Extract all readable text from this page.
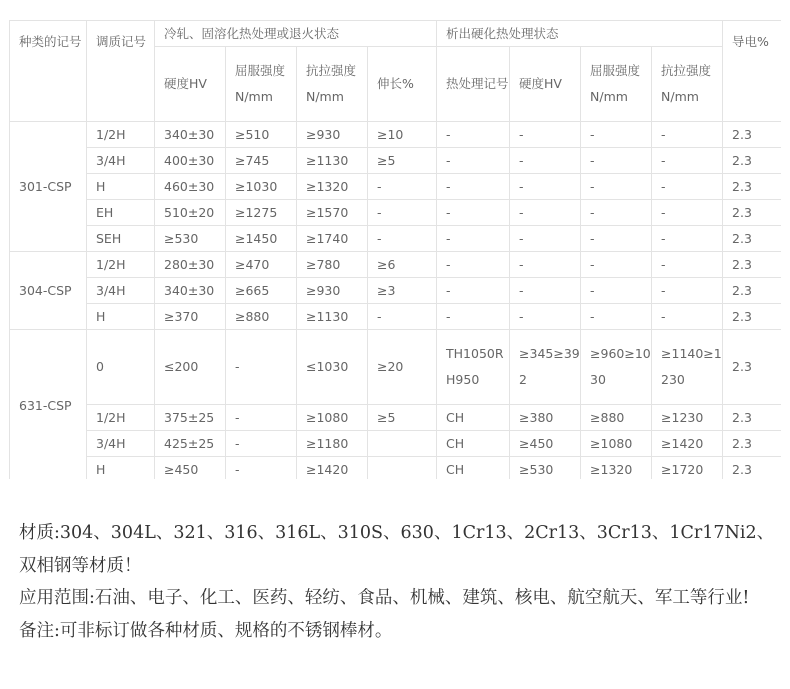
种类的记号	调质记号	冷轧、固溶化热处理或退火状态				析出硬化热处理状态				导电%
		硬度HV	屈服强度N/mm	抗拉强度N/mm	伸长%	热处理记号	硬度HV	屈服强度N/mm	抗拉强度N/mm	
301-CSP	1/2H	340±30	≥510	≥930	≥10	-	-	-	-	2.3
	3/4H	400±30	≥745	≥1130	≥5	-	-	-	-	2.3
	H	460±30	≥1030	≥1320	-	-	-	-	-	2.3
	EH	510±20	≥1275	≥1570	-	-	-	-	-	2.3
	SEH	≥530	≥1450	≥1740	-	-	-	-	-	2.3
304-CSP	1/2H	280±30	≥470	≥780	≥6	-	-	-	-	2.3
	3/4H	340±30	≥665	≥930	≥3	-	-	-	-	2.3
	H	≥370	≥880	≥1130	-	-	-	-	-	2.3
631-CSP	0	≤200	-	≤1030	≥20	TH1050RH950	≥345≥392	≥960≥1030	≥1140≥1230	2.3
	1/2H	375±25	-	≥1080	≥5	CH	≥380	≥880	≥1230	2.3
	3/4H	425±25	-	≥1180		CH	≥450	≥1080	≥1420	2.3
	H	≥450	-	≥1420		CH	≥530	≥1320	≥1720	2.3

材质:304、304L、321、316、316L、310S、630、1Cr13、2Cr13、3Cr13、1Cr17Ni2、双相钢等材质！

应用范围:石油、电子、化工、医药、轻纺、食品、机械、建筑、核电、航空航天、军工等行业!

备注:可非标订做各种材质、规格的不锈钢棒材。
